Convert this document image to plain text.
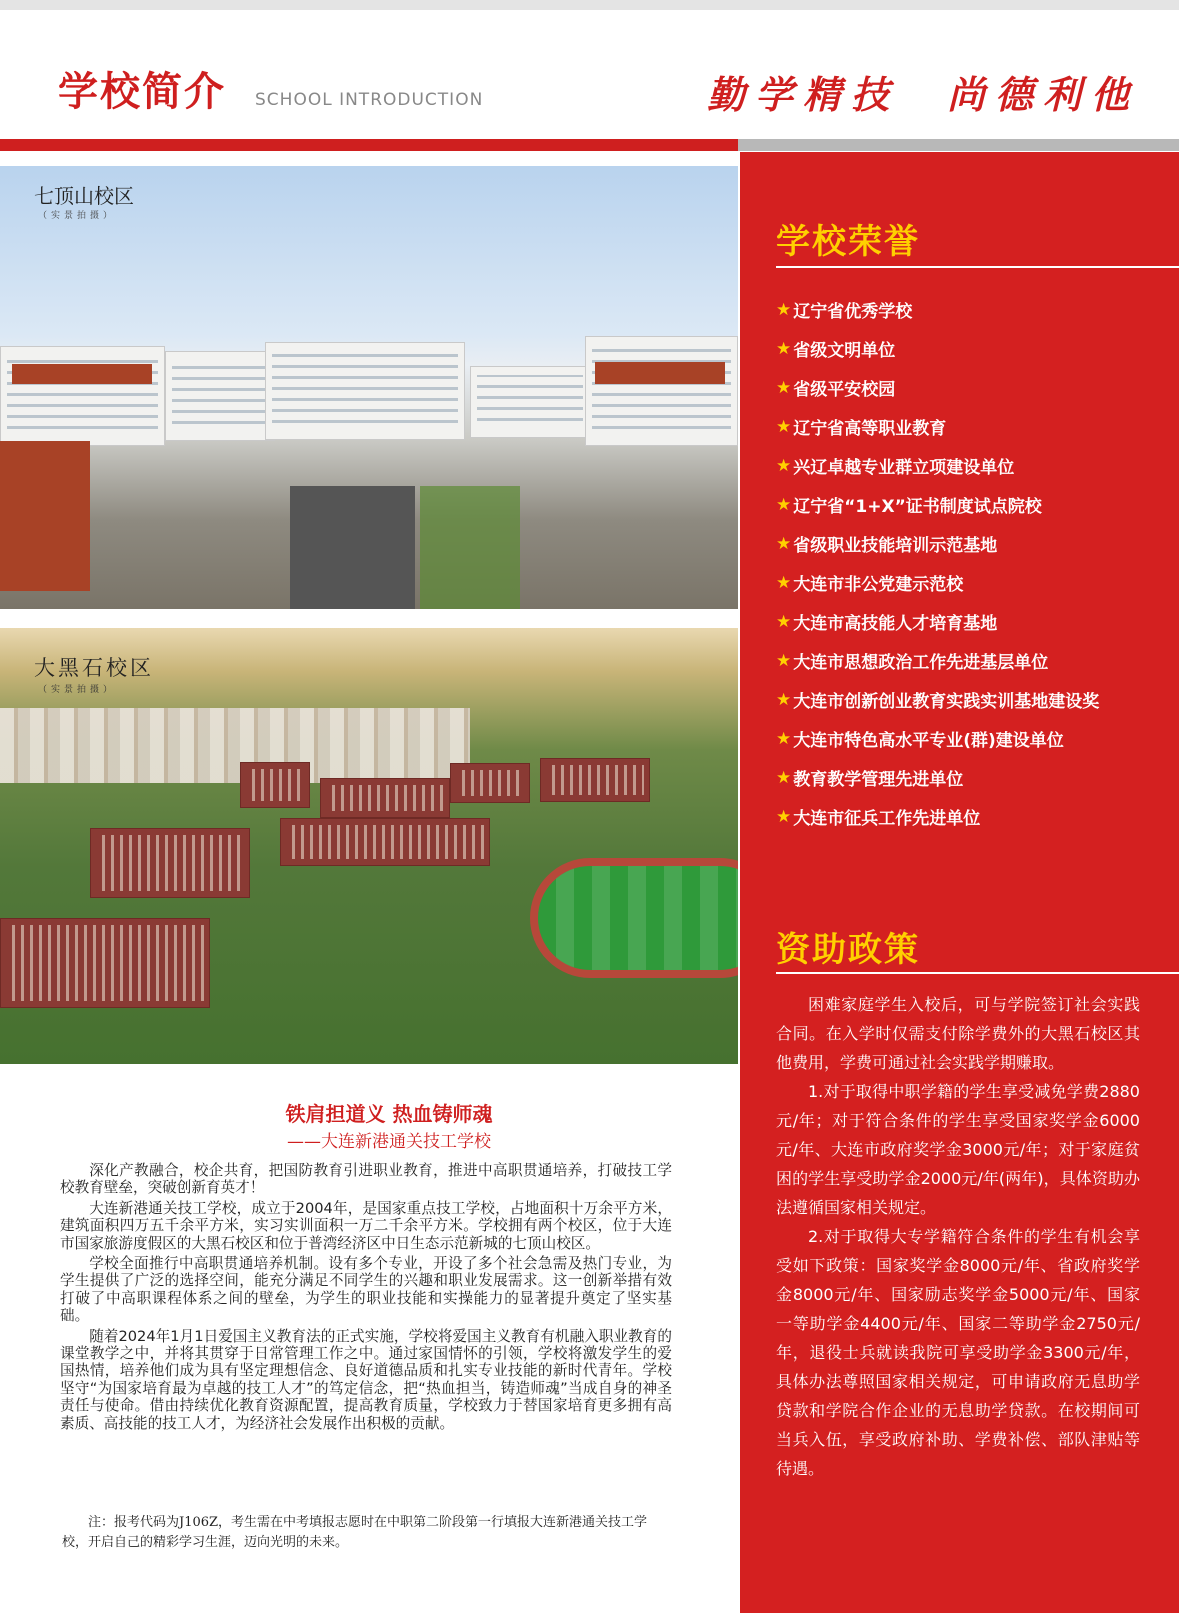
学校简介 SCHOOL INTRODUCTION	勤学精技　尚德利他
七顶山校区
（实景拍摄）
大黑石校区
（实景拍摄）
铁肩担道义 热血铸师魂
——大连新港通关技工学校

深化产教融合，校企共育，把国防教育引进职业教育，推进中高职贯通培养，打破技工学校教育壁垒，突破创新育英才！

大连新港通关技工学校，成立于2004年，是国家重点技工学校，占地面积十万余平方米，建筑面积四万五千余平方米，实习实训面积一万二千余平方米。学校拥有两个校区，位于大连市国家旅游度假区的大黑石校区和位于普湾经济区中日生态示范新城的七顶山校区。

学校全面推行中高职贯通培养机制。设有多个专业，开设了多个社会急需及热门专业，为学生提供了广泛的选择空间，能充分满足不同学生的兴趣和职业发展需求。这一创新举措有效打破了中高职课程体系之间的壁垒，为学生的职业技能和实操能力的显著提升奠定了坚实基础。

随着2024年1月1日爱国主义教育法的正式实施，学校将爱国主义教育有机融入职业教育的课堂教学之中，并将其贯穿于日常管理工作之中。通过家国情怀的引领，学校将激发学生的爱国热情，培养他们成为具有坚定理想信念、良好道德品质和扎实专业技能的新时代青年。学校坚守“为国家培育最为卓越的技工人才”的笃定信念，把“热血担当，铸造师魂”当成自身的神圣责任与使命。借由持续优化教育资源配置，提高教育质量，学校致力于替国家培育更多拥有高素质、高技能的技工人才，为经济社会发展作出积极的贡献。

注：报考代码为J106Z，考生需在中考填报志愿时在中职第二阶段第一行填报大连新港通关技工学校，开启自己的精彩学习生涯，迈向光明的未来。
学校荣誉
★ 辽宁省优秀学校
★ 省级文明单位
★ 省级平安校园
★ 辽宁省高等职业教育
★ 兴辽卓越专业群立项建设单位
★ 辽宁省“1+X”证书制度试点院校
★ 省级职业技能培训示范基地
★ 大连市非公党建示范校
★ 大连市高技能人才培育基地
★ 大连市思想政治工作先进基层单位
★ 大连市创新创业教育实践实训基地建设奖
★ 大连市特色高水平专业(群)建设单位
★ 教育教学管理先进单位
★ 大连市征兵工作先进单位
资助政策

困难家庭学生入校后，可与学院签订社会实践合同。在入学时仅需支付除学费外的大黑石校区其他费用，学费可通过社会实践学期赚取。

1.对于取得中职学籍的学生享受减免学费2880元/年；对于符合条件的学生享受国家奖学金6000元/年、大连市政府奖学金3000元/年；对于家庭贫困的学生享受助学金2000元/年(两年)，具体资助办法遵循国家相关规定。

2.对于取得大专学籍符合条件的学生有机会享受如下政策：国家奖学金8000元/年、省政府奖学金8000元/年、国家励志奖学金5000元/年、国家一等助学金4400元/年、国家二等助学金2750元/年，退役士兵就读我院可享受助学金3300元/年，具体办法尊照国家相关规定，可申请政府无息助学贷款和学院合作企业的无息助学贷款。在校期间可当兵入伍，享受政府补助、学费补偿、部队津贴等待遇。
